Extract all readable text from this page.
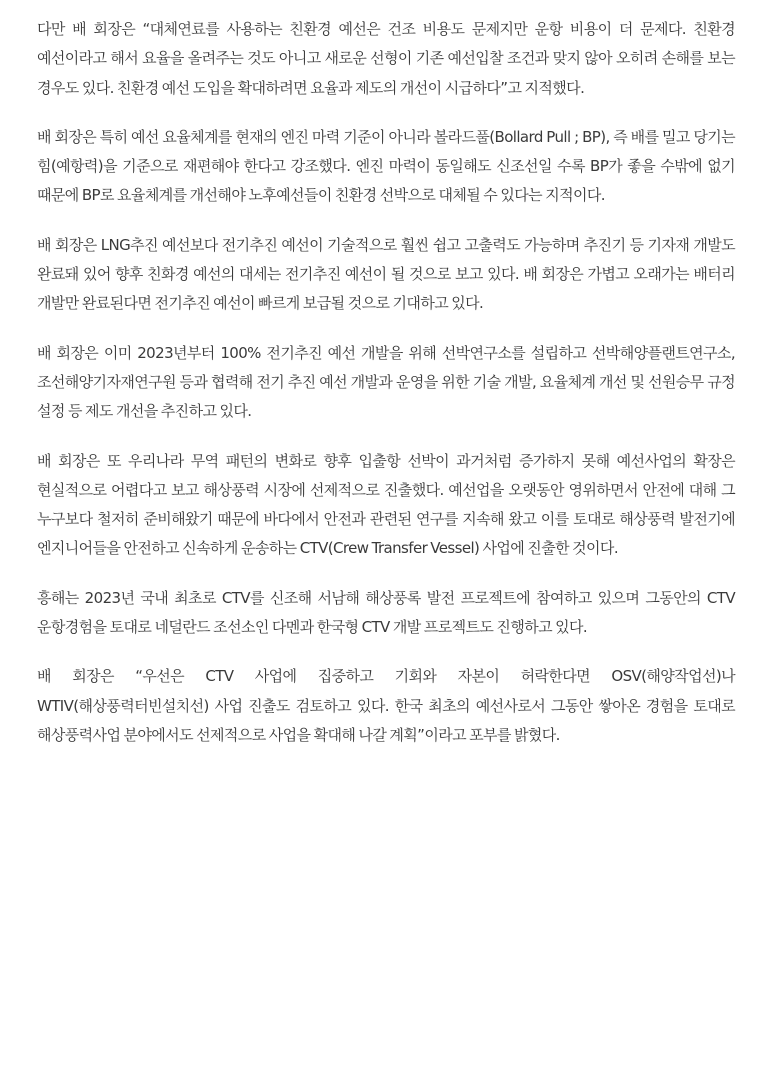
다만 배 회장은 “대체연료를 사용하는 친환경 예선은 건조 비용도 문제지만 운항 비용이 더 문제다. 친환경 예선이라고 해서 요율을 올려주는 것도 아니고 새로운 선형이 기존 예선입찰 조건과 맞지 않아 오히려 손해를 보는 경우도 있다. 친환경 예선 도입을 확대하려면 요율과 제도의 개선이 시급하다”고 지적했다.

배 회장은 특히 예선 요율체계를 현재의 엔진 마력 기준이 아니라 볼라드풀(Bollard Pull ; BP), 즉 배를 밀고 당기는 힘(예항력)을 기준으로 재편해야 한다고 강조했다. 엔진 마력이 동일해도 신조선일 수록 BP가 좋을 수밖에 없기 때문에 BP로 요율체계를 개선해야 노후예선들이 친환경 선박으로 대체될 수 있다는 지적이다.

배 회장은 LNG추진 예선보다 전기추진 예선이 기술적으로 훨씬 쉽고 고출력도 가능하며 추진기 등 기자재 개발도 완료돼 있어 향후 친화경 예선의 대세는 전기추진 예선이 될 것으로 보고 있다. 배 회장은 가볍고 오래가는 배터리 개발만 완료된다면 전기추진 예선이 빠르게 보급될 것으로 기대하고 있다.

배 회장은 이미 2023년부터 100% 전기추진 예선 개발을 위해 선박연구소를 설립하고 선박해양플랜트연구소, 조선해양기자재연구원 등과 협력해 전기 추진 예선 개발과 운영을 위한 기술 개발, 요율체계 개선 및 선원승무 규정 설정 등 제도 개선을 추진하고 있다.

배 회장은 또 우리나라 무역 패턴의 변화로 향후 입출항 선박이 과거처럼 증가하지 못해 예선사업의 확장은 현실적으로 어렵다고 보고 해상풍력 시장에 선제적으로 진출했다. 예선업을 오랫동안 영위하면서 안전에 대해 그 누구보다 철저히 준비해왔기 때문에 바다에서 안전과 관련된 연구를 지속해 왔고 이를 토대로 해상풍력 발전기에 엔지니어들을 안전하고 신속하게 운송하는 CTV(Crew Transfer Vessel) 사업에 진출한 것이다.

흥해는 2023년 국내 최초로 CTV를 신조해 서남해 해상풍록 발전 프로젝트에 참여하고 있으며 그동안의 CTV 운항경험을 토대로 네덜란드 조선소인 다멘과 한국형 CTV 개발 프로젝트도 진행하고 있다.

배 회장은 “우선은 CTV 사업에 집중하고 기회와 자본이 허락한다면 OSV(해양작업선)나 WTIV(해상풍력터빈설치선) 사업 진출도 검토하고 있다. 한국 최초의 예선사로서 그동안 쌓아온 경험을 토대로 해상풍력사업 분야에서도 선제적으로 사업을 확대해 나갈 계획”이라고 포부를 밝혔다.
